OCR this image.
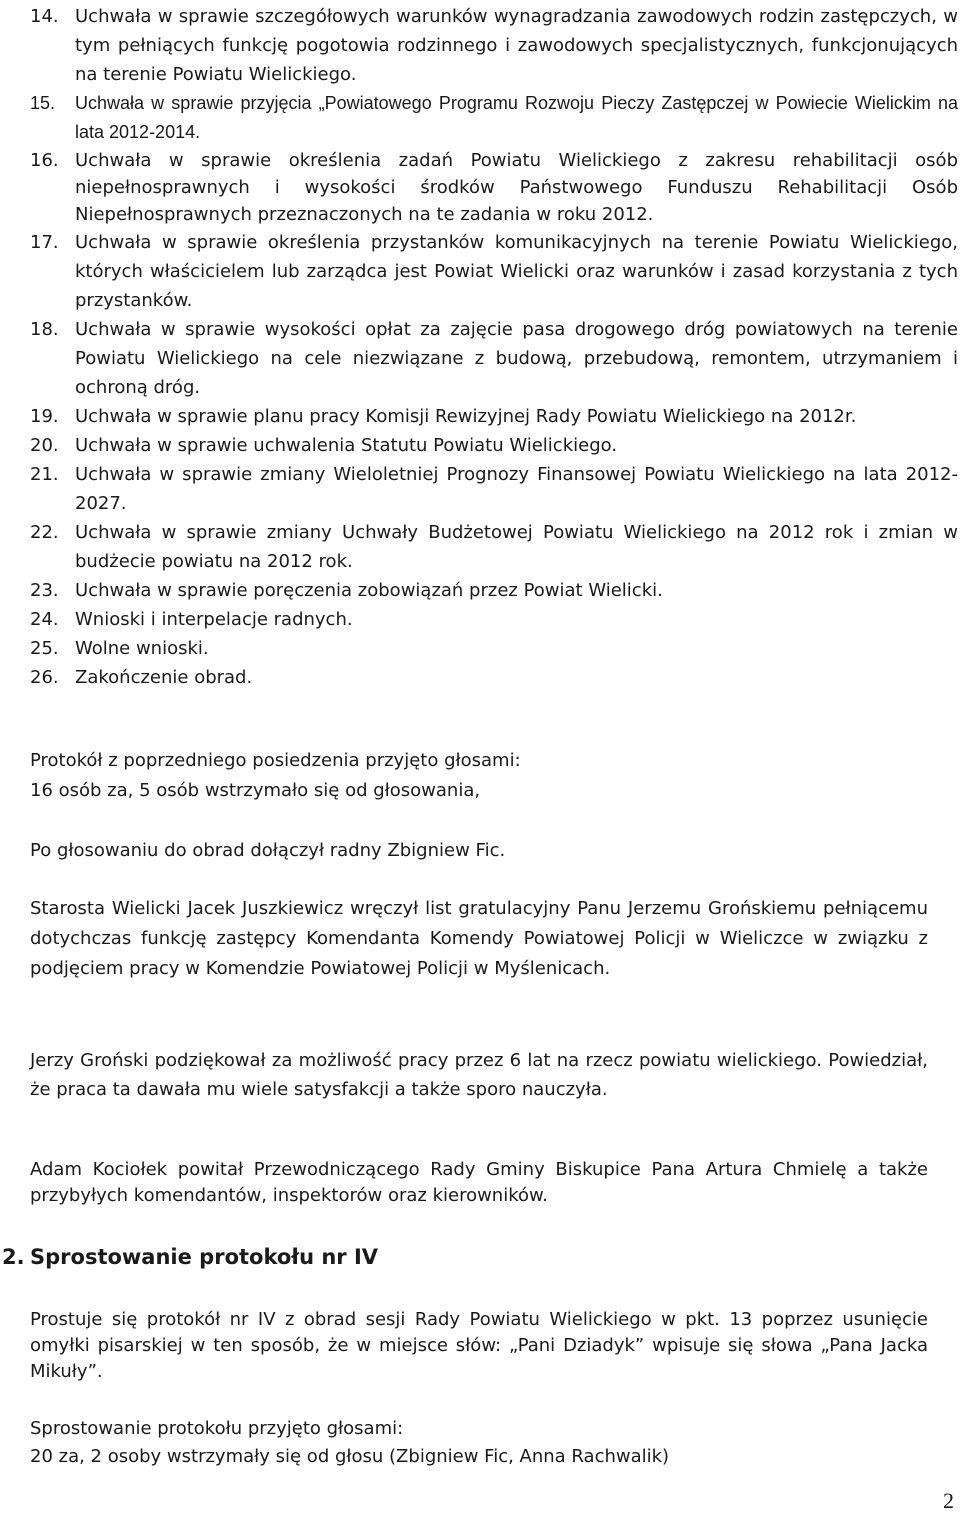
14. Uchwała w sprawie szczegółowych warunków wynagradzania zawodowych rodzin zastępczych, w tym pełniących funkcję pogotowia rodzinnego i zawodowych specjalistycznych, funkcjonujących na terenie Powiatu Wielickiego.
15. Uchwała w sprawie przyjęcia „Powiatowego Programu Rozwoju Pieczy Zastępczej w Powiecie Wielickim na lata 2012-2014.
16. Uchwała w sprawie określenia zadań Powiatu Wielickiego z zakresu rehabilitacji osób niepełnosprawnych i wysokości środków Państwowego Funduszu Rehabilitacji Osób Niepełnosprawnych przeznaczonych na te zadania w roku 2012.
17. Uchwała w sprawie określenia przystanków komunikacyjnych na terenie Powiatu Wielickiego, których właścicielem lub zarządca jest Powiat Wielicki oraz warunków i zasad korzystania z tych przystanków.
18. Uchwała w sprawie wysokości opłat za zajęcie pasa drogowego dróg powiatowych na terenie Powiatu Wielickiego na cele niezwiązane z budową, przebudową, remontem, utrzymaniem i ochroną dróg.
19. Uchwała w sprawie planu pracy Komisji Rewizyjnej Rady Powiatu Wielickiego na 2012r.
20. Uchwała w sprawie uchwalenia Statutu Powiatu Wielickiego.
21. Uchwała w sprawie zmiany Wieloletniej Prognozy Finansowej Powiatu Wielickiego na lata 2012-2027.
22. Uchwała w sprawie zmiany Uchwały Budżetowej Powiatu Wielickiego na 2012 rok i zmian w budżecie powiatu na 2012 rok.
23. Uchwała w sprawie poręczenia zobowiązań przez Powiat Wielicki.
24. Wnioski i interpelacje radnych.
25. Wolne wnioski.
26. Zakończenie obrad.

Protokół z poprzedniego posiedzenia przyjęto głosami:

16 osób za, 5 osób wstrzymało się od głosowania,

Po głosowaniu do obrad dołączył radny Zbigniew Fic.

Starosta Wielicki Jacek Juszkiewicz wręczył list gratulacyjny Panu Jerzemu Grońskiemu pełniącemu dotychczas funkcję zastępcy Komendanta Komendy Powiatowej Policji w Wieliczce w związku z podjęciem pracy w Komendzie Powiatowej Policji w Myślenicach.

Jerzy Groński podziękował za możliwość pracy przez 6 lat na rzecz powiatu wielickiego. Powiedział, że praca ta dawała mu wiele satysfakcji a także sporo nauczyła.

Adam Kociołek powitał Przewodniczącego Rady Gminy Biskupice Pana Artura Chmielę a także przybyłych komendantów, inspektorów oraz kierowników.

2. Sprostowanie protokołu nr IV

Prostuje się protokół nr IV z obrad sesji Rady Powiatu Wielickiego w pkt. 13 poprzez usunięcie omyłki pisarskiej w ten sposób, że w miejsce słów: „Pani Dziadyk” wpisuje się słowa „Pana Jacka Mikuły”.

Sprostowanie protokołu przyjęto głosami:

20 za, 2 osoby wstrzymały się od głosu (Zbigniew Fic, Anna Rachwalik)

2
